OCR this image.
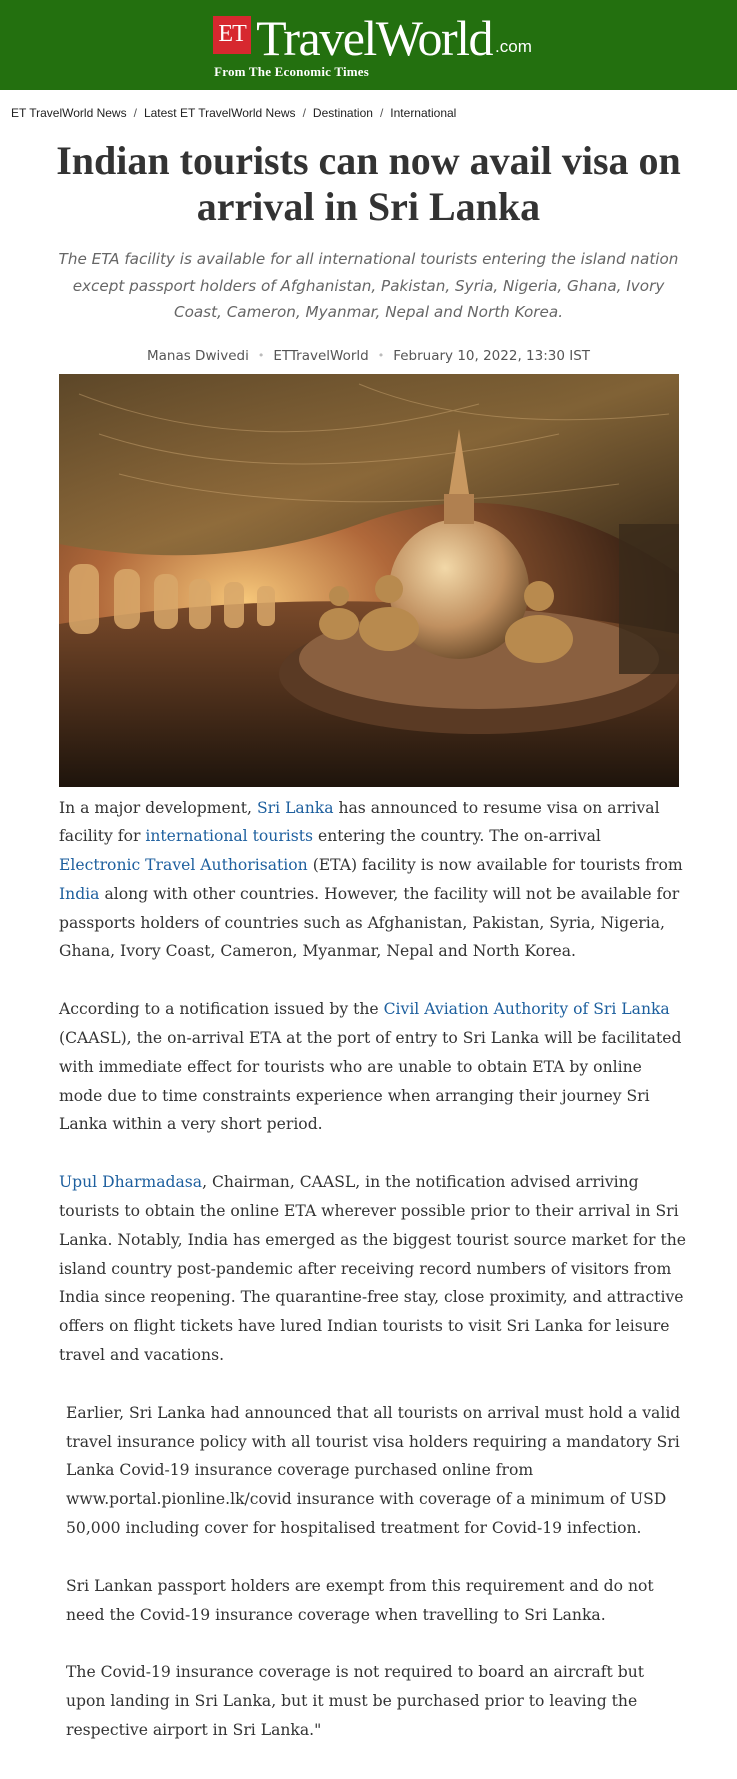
ET TravelWorld .com
From The Economic Times
ET TravelWorld News / Latest ET TravelWorld News / Destination / International
Indian tourists can now avail visa on arrival in Sri Lanka

The ETA facility is available for all international tourists entering the island nation except passport holders of Afghanistan, Pakistan, Syria, Nigeria, Ghana, Ivory Coast, Cameron, Myanmar, Nepal and North Korea.

Manas Dwivedi • ETTravelWorld • February 10, 2022, 13:30 IST

In a major development, Sri Lanka has announced to resume visa on arrival facility for international tourists entering the country. The on-arrival Electronic Travel Authorisation (ETA) facility is now available for tourists from India along with other countries. However, the facility will not be available for passports holders of countries such as Afghanistan, Pakistan, Syria, Nigeria, Ghana, Ivory Coast, Cameron, Myanmar, Nepal and North Korea.

According to a notification issued by the Civil Aviation Authority of Sri Lanka (CAASL), the on-arrival ETA at the port of entry to Sri Lanka will be facilitated with immediate effect for tourists who are unable to obtain ETA by online mode due to time constraints experience when arranging their journey Sri Lanka within a very short period.

Upul Dharmadasa, Chairman, CAASL, in the notification advised arriving tourists to obtain the online ETA wherever possible prior to their arrival in Sri Lanka. Notably, India has emerged as the biggest tourist source market for the island country post-pandemic after receiving record numbers of visitors from India since reopening. The quarantine-free stay, close proximity, and attractive offers on flight tickets have lured Indian tourists to visit Sri Lanka for leisure travel and vacations.

Earlier, Sri Lanka had announced that all tourists on arrival must hold a valid travel insurance policy with all tourist visa holders requiring a mandatory Sri Lanka Covid-19 insurance coverage purchased online from www.portal.pionline.lk/covid insurance with coverage of a minimum of USD 50,000 including cover for hospitalised treatment for Covid-19 infection.

Sri Lankan passport holders are exempt from this requirement and do not need the Covid-19 insurance coverage when travelling to Sri Lanka.

The Covid-19 insurance coverage is not required to board an aircraft but upon landing in Sri Lanka, but it must be purchased prior to leaving the respective airport in Sri Lanka."
